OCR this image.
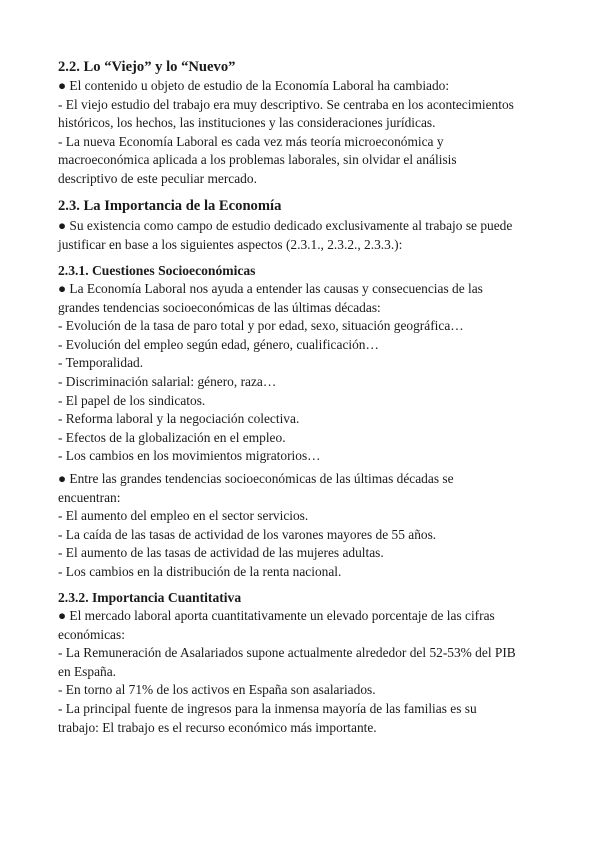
2.2. Lo “Viejo” y lo “Nuevo”

● El contenido u objeto de estudio de la Economía Laboral ha cambiado:

- El viejo estudio del trabajo era muy descriptivo. Se centraba en los acontecimientos

históricos, los hechos, las instituciones y las consideraciones jurídicas.

- La nueva Economía Laboral es cada vez más teoría microeconómica y

macroeconómica aplicada a los problemas laborales, sin olvidar el análisis

descriptivo de este peculiar mercado.

2.3. La Importancia de la Economía

● Su existencia como campo de estudio dedicado exclusivamente al trabajo se puede

justificar en base a los siguientes aspectos (2.3.1., 2.3.2., 2.3.3.):

2.3.1. Cuestiones Socioeconómicas

● La Economía Laboral nos ayuda a entender las causas y consecuencias de las

grandes tendencias socioeconómicas de las últimas décadas:

- Evolución de la tasa de paro total y por edad, sexo, situación geográfica…

- Evolución del empleo según edad, género, cualificación…

- Temporalidad.

- Discriminación salarial: género, raza…

- El papel de los sindicatos.

- Reforma laboral y la negociación colectiva.

- Efectos de la globalización en el empleo.

- Los cambios en los movimientos migratorios…

● Entre las grandes tendencias socioeconómicas de las últimas décadas se

encuentran:

- El aumento del empleo en el sector servicios.

- La caída de las tasas de actividad de los varones mayores de 55 años.

- El aumento de las tasas de actividad de las mujeres adultas.

- Los cambios en la distribución de la renta nacional.

2.3.2. Importancia Cuantitativa

● El mercado laboral aporta cuantitativamente un elevado porcentaje de las cifras

económicas:

- La Remuneración de Asalariados supone actualmente alrededor del 52-53% del PIB

en España.

- En torno al 71% de los activos en España son asalariados.

- La principal fuente de ingresos para la inmensa mayoría de las familias es su

trabajo: El trabajo es el recurso económico más importante.
